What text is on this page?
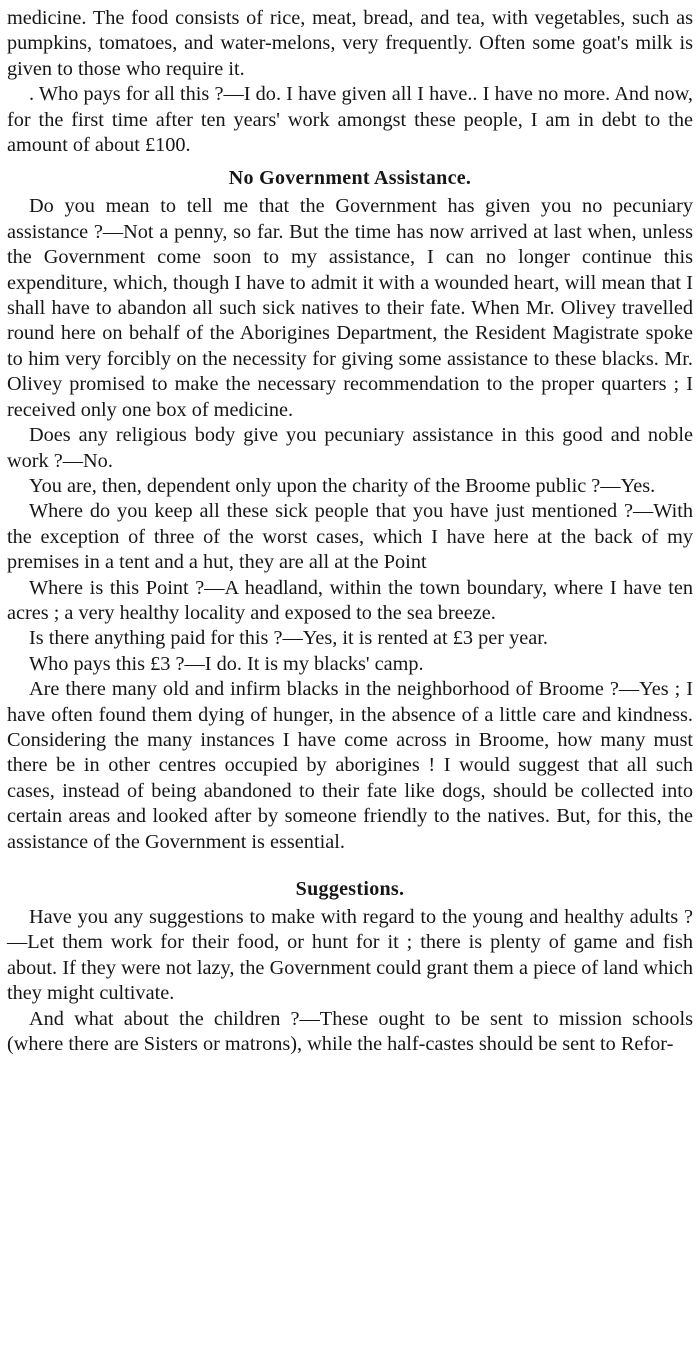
medicine. The food consists of rice, meat, bread, and tea, with vegetables, such as pumpkins, tomatoes, and water-melons, very frequently. Often some goat's milk is given to those who require it.

. Who pays for all this ?—I do. I have given all I have.. I have no more. And now, for the first time after ten years' work amongst these people, I am in debt to the amount of about £100.

No Government Assistance.

Do you mean to tell me that the Government has given you no pecuniary assistance ?—Not a penny, so far. But the time has now arrived at last when, unless the Government come soon to my assistance, I can no longer continue this expenditure, which, though I have to admit it with a wounded heart, will mean that I shall have to abandon all such sick natives to their fate. When Mr. Olivey travelled round here on behalf of the Aborigines Department, the Resident Magistrate spoke to him very forcibly on the necessity for giving some assistance to these blacks. Mr. Olivey promised to make the necessary recommendation to the proper quarters ; I received only one box of medicine.

Does any religious body give you pecuniary assistance in this good and noble work ?—No.

You are, then, dependent only upon the charity of the Broome public ?—Yes.

Where do you keep all these sick people that you have just mentioned ?—With the exception of three of the worst cases, which I have here at the back of my premises in a tent and a hut, they are all at the Point

Where is this Point ?—A headland, within the town boundary, where I have ten acres ; a very healthy locality and exposed to the sea breeze.

Is there anything paid for this ?—Yes, it is rented at £3 per year.

Who pays this £3 ?—I do. It is my blacks' camp.

Are there many old and infirm blacks in the neighborhood of Broome ?—Yes ; I have often found them dying of hunger, in the absence of a little care and kindness. Considering the many instances I have come across in Broome, how many must there be in other centres occupied by aborigines ! I would suggest that all such cases, instead of being abandoned to their fate like dogs, should be collected into certain areas and looked after by someone friendly to the natives. But, for this, the assistance of the Government is essential.

Suggestions.

Have you any suggestions to make with regard to the young and healthy adults ?—Let them work for their food, or hunt for it ; there is plenty of game and fish about. If they were not lazy, the Government could grant them a piece of land which they might cultivate.

And what about the children ?—These ought to be sent to mission schools (where there are Sisters or matrons), while the half-castes should be sent to Refor-
